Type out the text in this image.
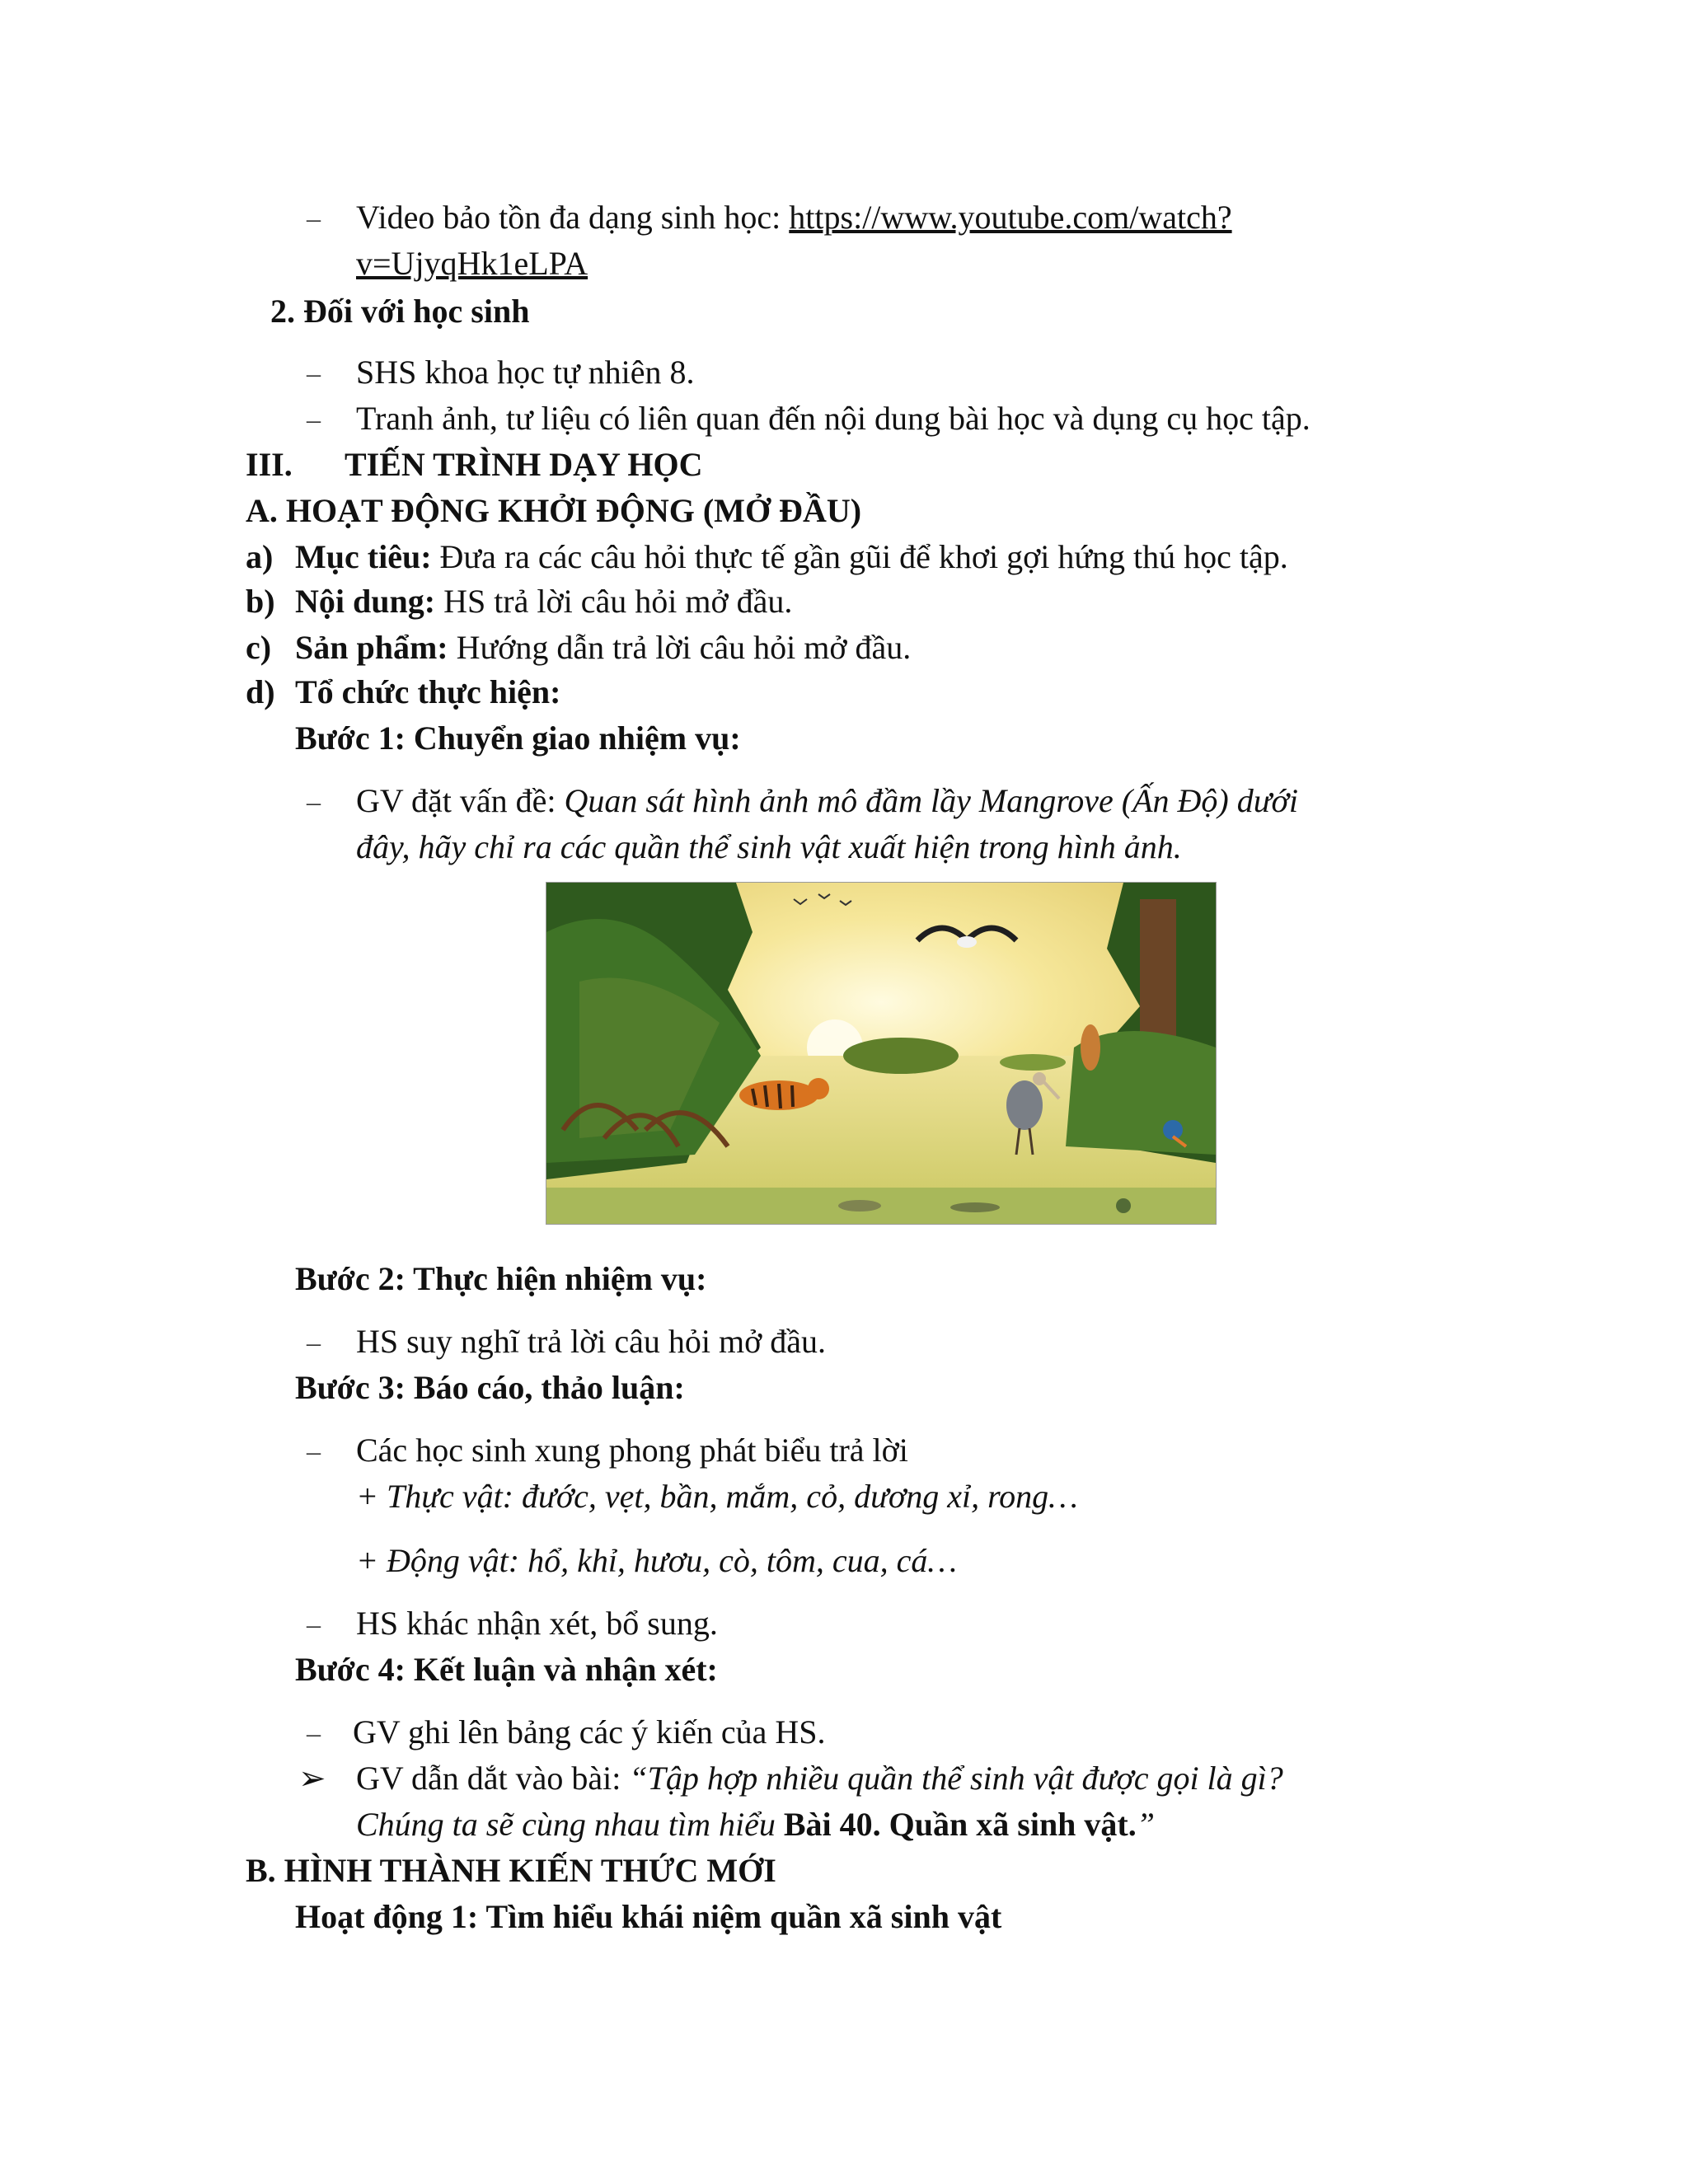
– Video bảo tồn đa dạng sinh học: https://www.youtube.com/watch?
v=UjyqHk1eLPA
2. Đối với học sinh
– SHS khoa học tự nhiên 8.
– Tranh ảnh, tư liệu có liên quan đến nội dung bài học và dụng cụ học tập.
III. TIẾN TRÌNH DẠY HỌC
A. HOẠT ĐỘNG KHỞI ĐỘNG (MỞ ĐẦU)
a) Mục tiêu: Đưa ra các câu hỏi thực tế gần gũi để khơi gợi hứng thú học tập.
b) Nội dung: HS trả lời câu hỏi mở đầu.
c) Sản phẩm: Hướng dẫn trả lời câu hỏi mở đầu.
d) Tổ chức thực hiện:
Bước 1: Chuyển giao nhiệm vụ:
– GV đặt vấn đề: Quan sát hình ảnh mô đầm lầy Mangrove (Ấn Độ) dưới
đây, hãy chỉ ra các quần thể sinh vật xuất hiện trong hình ảnh.
Bước 2: Thực hiện nhiệm vụ:
– HS suy nghĩ trả lời câu hỏi mở đầu.
Bước 3: Báo cáo, thảo luận:
– Các học sinh xung phong phát biểu trả lời
+ Thực vật: đước, vẹt, bần, mắm, cỏ, dương xỉ, rong…
+ Động vật: hổ, khỉ, hươu, cò, tôm, cua, cá…
– HS khác nhận xét, bổ sung.
Bước 4: Kết luận và nhận xét:
– GV ghi lên bảng các ý kiến của HS.
➢ GV dẫn dắt vào bài: “Tập hợp nhiều quần thể sinh vật được gọi là gì?
Chúng ta sẽ cùng nhau tìm hiểu Bài 40. Quần xã sinh vật.”
B. HÌNH THÀNH KIẾN THỨC MỚI
Hoạt động 1: Tìm hiểu khái niệm quần xã sinh vật
